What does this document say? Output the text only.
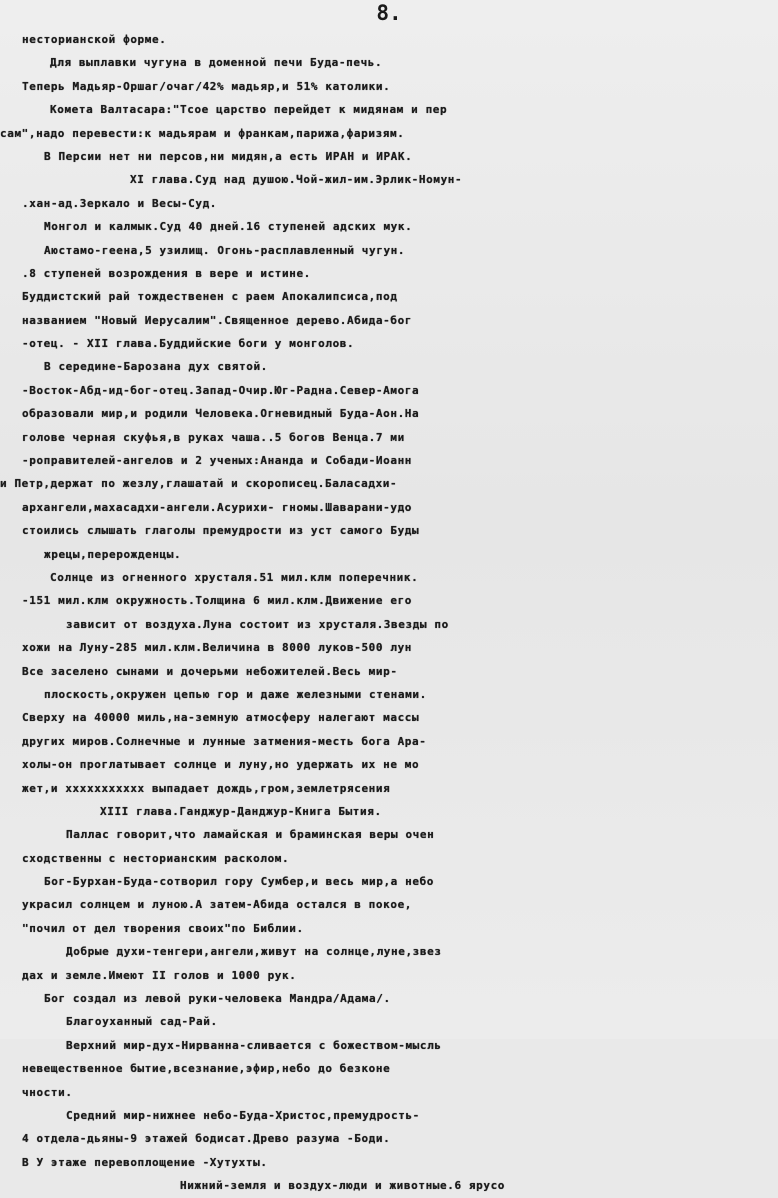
8.
несторианской форме.
Для выплавки чугуна в доменной печи Буда-печь.
Теперь Мадьяр-Оршаг/очаг/42% мадьяр,и 51% католики.
Комета Валтасара:"Тсое царство перейдет к мидянам и пер
сам",надо перевести:к мадьярам и франкам,парижа,фаризям.
В Персии нет ни персов,ни мидян,а есть ИРАН и ИРАК.
XI глава.Суд над душою.Чой-жил-им.Эрлик-Номун-
.хан-ад.Зеркало и Весы-Суд.
Монгол и калмык.Суд 40 дней.16 ступеней адских мук.
Аюстамо-геена,5 узилищ. Огонь-расплавленный чугун.
.8 ступеней возрождения в вере и истине.
Буддистский рай тождественен с раем Апокалипсиса,под
названием "Новый Иерусалим".Священное дерево.Абида-бог
-отец. - XII глава.Буддийские боги у монголов.
В середине-Барозана дух святой.
-Восток-Абд-ид-бог-отец.Запад-Очир.Юг-Радна.Север-Амога
образовали мир,и родили Человека.Огневидный Буда-Аон.На
голове черная скуфья,в руках чаша..5 богов Венца.7 ми
-роправителей-ангелов и 2 ученых:Ананда и Собади-Иоанн
и Петр,держат по жезлу,глашатай и скорописец.Баласадхи-
архангели,махасадхи-ангели.Асурихи- гномы.Шаварани-удо
стоились слышать глаголы премудрости из уст самого Буды
жрецы,перерожденцы.
Солнце из огненного хрусталя.51 мил.клм поперечник.
-151 мил.клм окружность.Толщина 6 мил.клм.Движение его
зависит от воздуха.Луна состоит из хрусталя.Звезды по
хожи на Луну-285 мил.клм.Величина в 8000 луков-500 лун
Все заселено сынами и дочерьми небожителей.Весь мир-
плоскость,окружен цепью гор и даже железными стенами.
Сверху на 40000 миль,на-земную атмосферу налегают массы
других миров.Солнечные и лунные затмения-месть бога Ара-
холы-он проглатывает солнце и луну,но удержать их не мо
жет,и xxxxxxxxxxx выпадает дождь,гром,землетрясения
XIII глава.Ганджур-Данджур-Книга Бытия.
Паллас говорит,что ламайская и браминская веры очен
сходственны с несторианским расколом.
Бог-Бурхан-Буда-сотворил гору Сумбер,и весь мир,а небо
украсил солнцем и луною.А затем-Абида остался в покое,
"почил от дел творения своих"по Библии.
Добрые духи-тенгери,ангели,живут на солнце,луне,звез
дах и земле.Имеют II голов и 1000 рук.
Бог создал из левой руки-человека Мандра/Адама/.
Благоуханный сад-Рай.
Верхний мир-дух-Нирванна-сливается с божеством-мысль
невещественное бытие,всезнание,эфир,небо до безконе
чности.
Средний мир-нижнее небо-Буда-Христос,премудрость-
4 отдела-дьяны-9 этажей бодисат.Древо разума -Боди.
В У этаже перевоплощение -Хутухты.
Нижний-земля и воздух-люди и животные.6 ярусо
